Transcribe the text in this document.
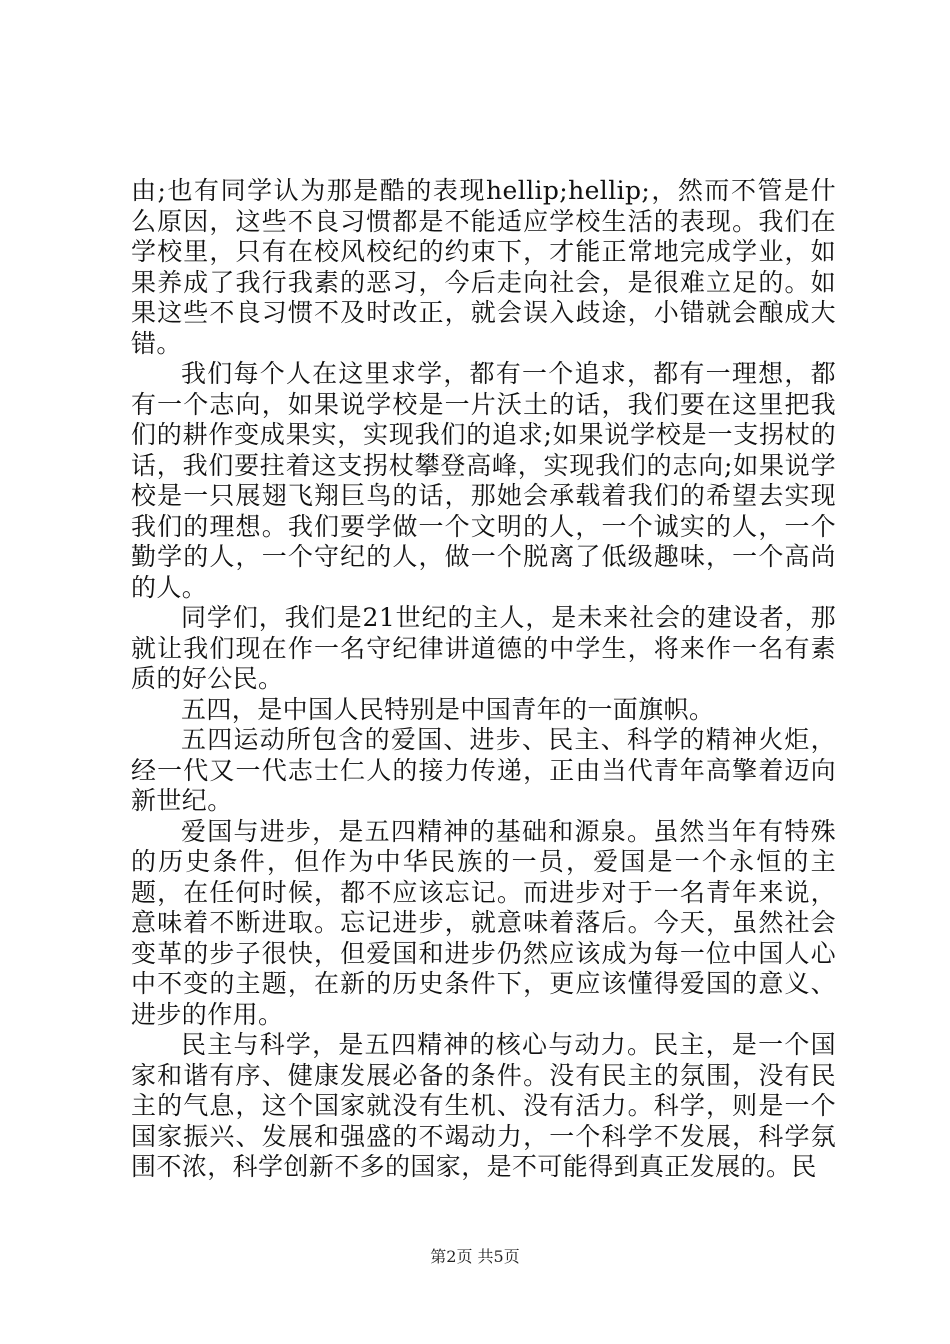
由;也有同学认为那是酷的表现hellip;hellip;，然而不管是什么原因，这些不良习惯都是不能适应学校生活的表现。我们在学校里，只有在校风校纪的约束下，才能正常地完成学业，如果养成了我行我素的恶习，今后走向社会，是很难立足的。如果这些不良习惯不及时改正，就会误入歧途，小错就会酿成大错。

我们每个人在这里求学，都有一个追求，都有一理想，都有一个志向，如果说学校是一片沃土的话，我们要在这里把我们的耕作变成果实，实现我们的追求;如果说学校是一支拐杖的话，我们要拄着这支拐杖攀登高峰，实现我们的志向;如果说学校是一只展翅飞翔巨鸟的话，那她会承载着我们的希望去实现我们的理想。我们要学做一个文明的人，一个诚实的人，一个勤学的人，一个守纪的人，做一个脱离了低级趣味，一个高尚的人。

同学们，我们是21世纪的主人，是未来社会的建设者，那就让我们现在作一名守纪律讲道德的中学生，将来作一名有素质的好公民。

五四，是中国人民特别是中国青年的一面旗帜。

五四运动所包含的爱国、进步、民主、科学的精神火炬，经一代又一代志士仁人的接力传递，正由当代青年高擎着迈向新世纪。

爱国与进步，是五四精神的基础和源泉。虽然当年有特殊的历史条件，但作为中华民族的一员，爱国是一个永恒的主题，在任何时候，都不应该忘记。而进步对于一名青年来说，意味着不断进取。忘记进步，就意味着落后。今天，虽然社会变革的步子很快，但爱国和进步仍然应该成为每一位中国人心中不变的主题，在新的历史条件下，更应该懂得爱国的意义、进步的作用。

民主与科学，是五四精神的核心与动力。民主，是一个国家和谐有序、健康发展必备的条件。没有民主的氛围，没有民主的气息，这个国家就没有生机、没有活力。科学，则是一个国家振兴、发展和强盛的不竭动力，一个科学不发展，科学氛围不浓，科学创新不多的国家，是不可能得到真正发展的。民

第2页 共5页
